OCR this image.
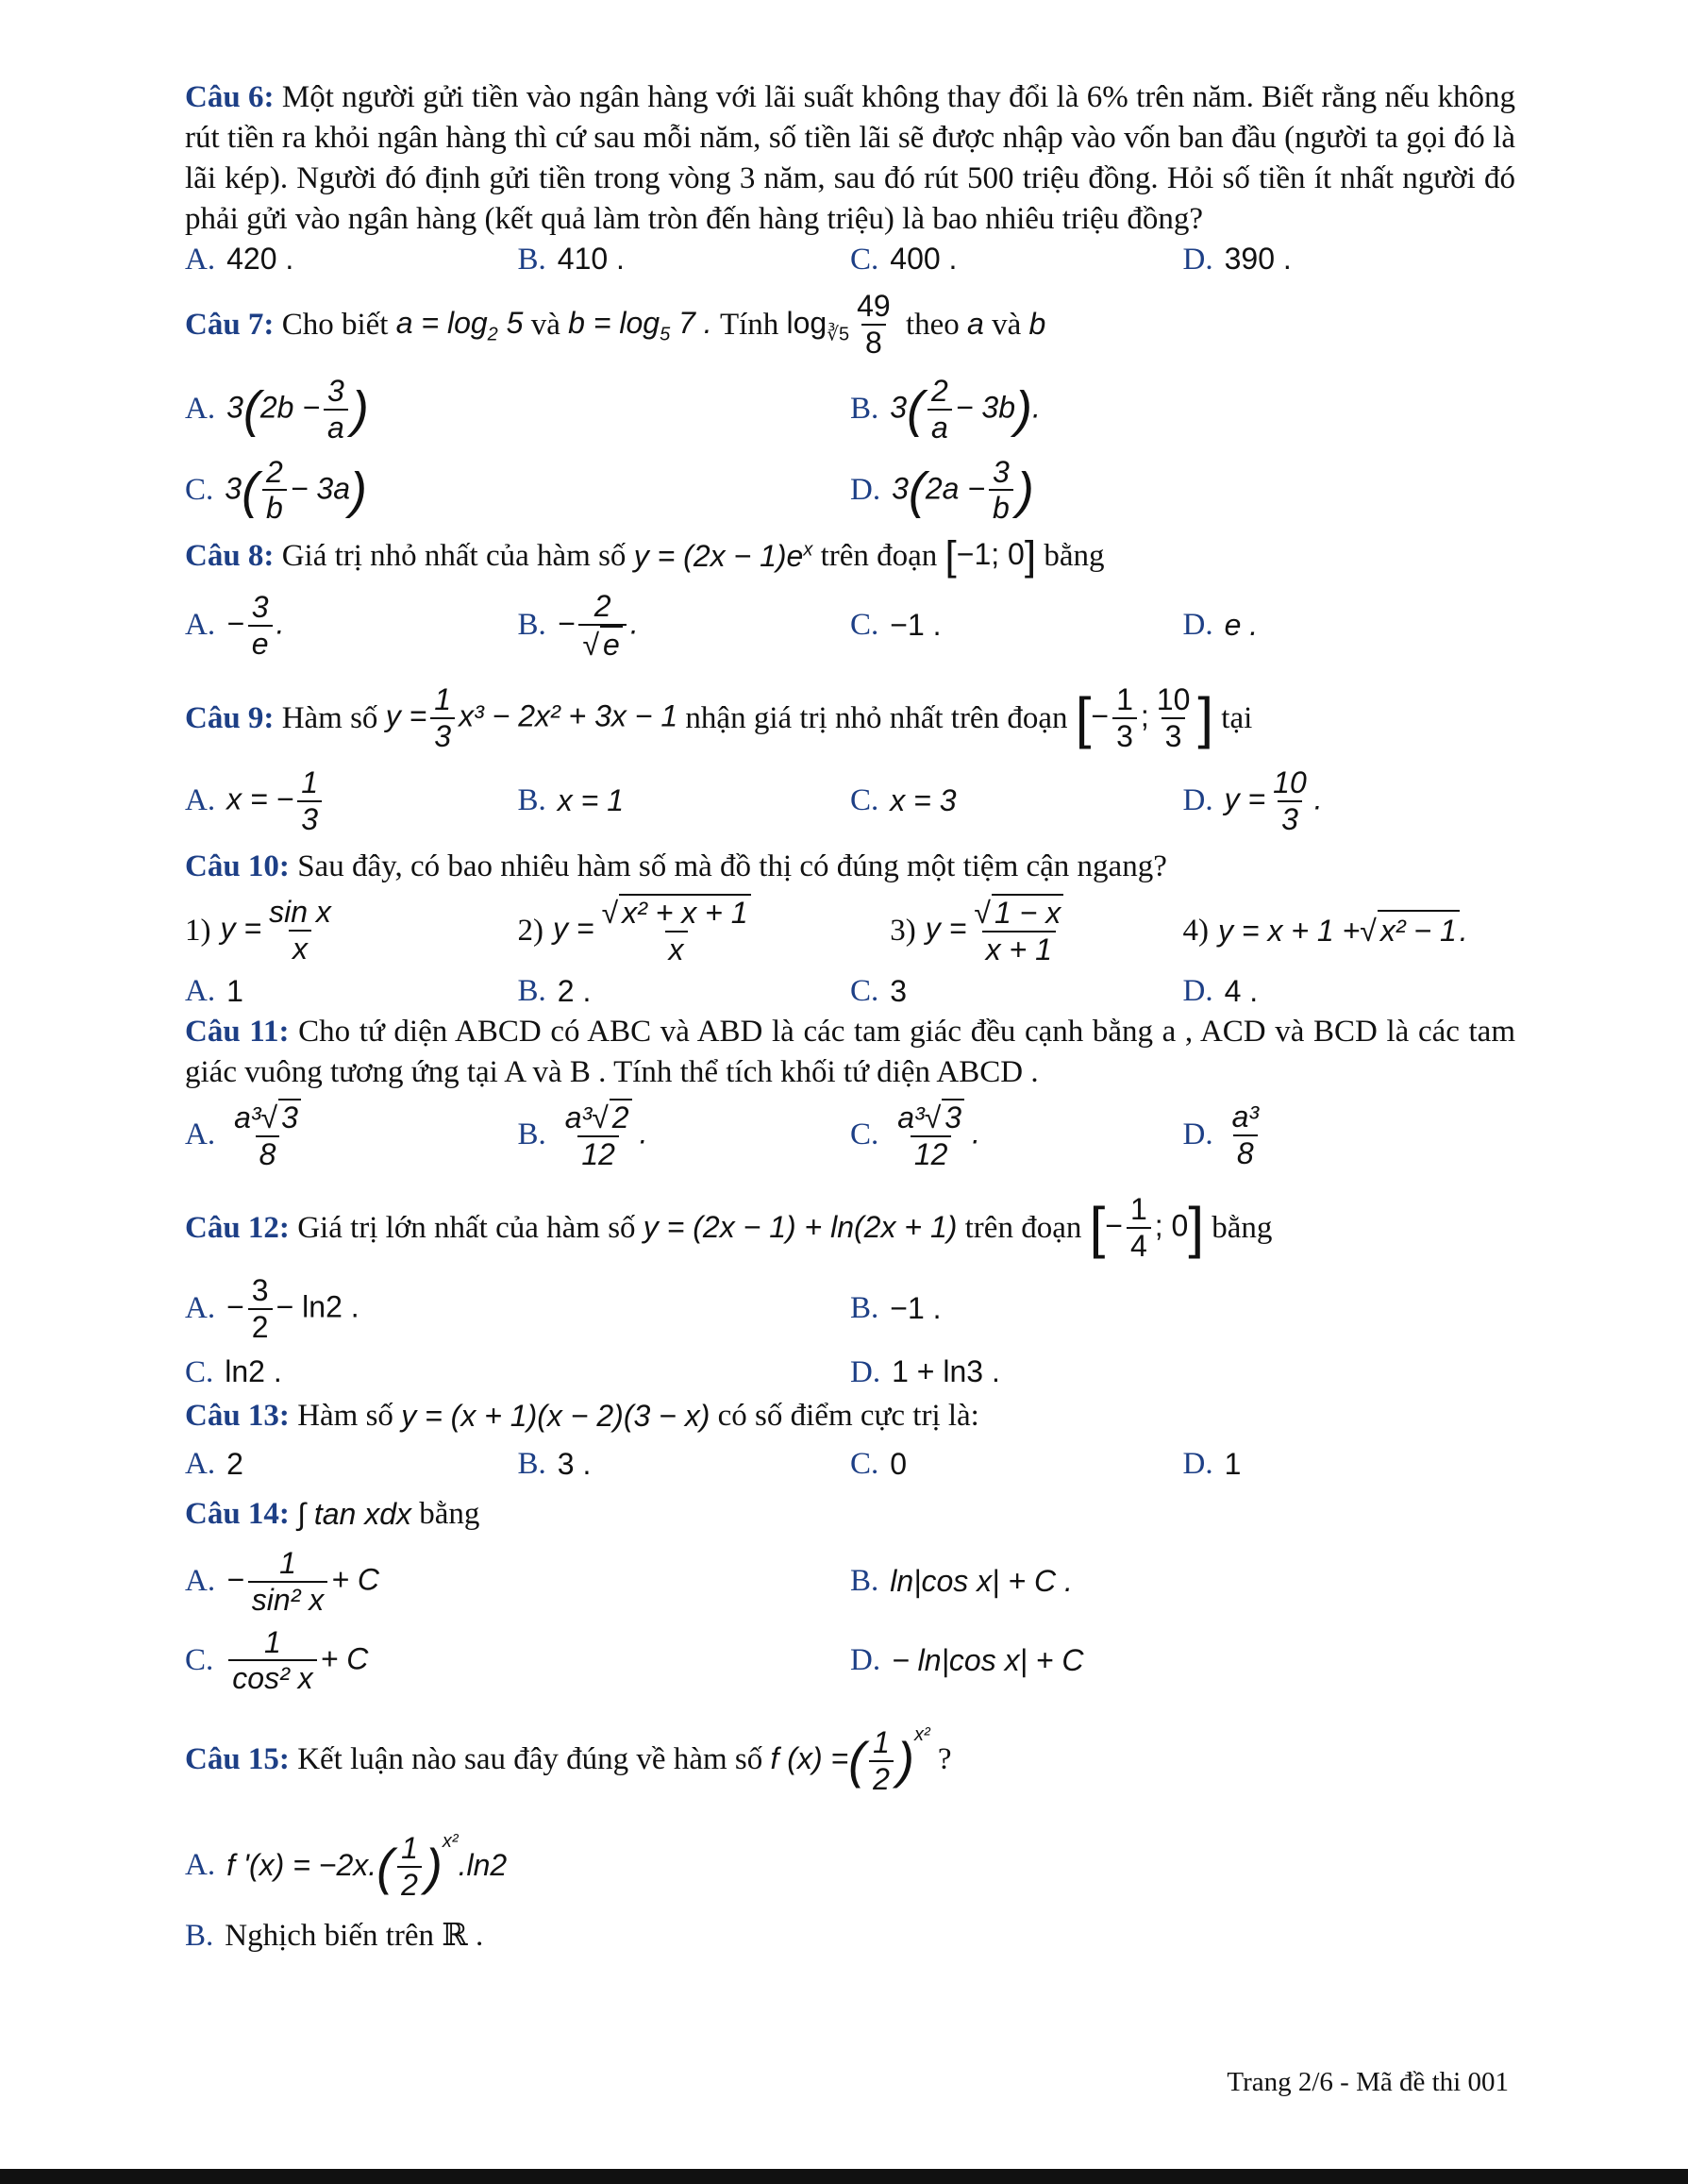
Câu 6: Một người gửi tiền vào ngân hàng với lãi suất không thay đổi là 6% trên năm. Biết rằng nếu không rút tiền ra khỏi ngân hàng thì cứ sau mỗi năm, số tiền lãi sẽ được nhập vào vốn ban đầu (người ta gọi đó là lãi kép). Người đó định gửi tiền trong vòng 3 năm, sau đó rút 500 triệu đồng. Hỏi số tiền ít nhất người đó phải gửi vào ngân hàng (kết quả làm tròn đến hàng triệu) là bao nhiêu triệu đồng?

A. 420 .	B. 410 .	C. 400 .	D. 390 .
Câu 7:
Cho biết
$a = \log_2 5$
và
$b = \log_5 7$ .
Tính
$\log_{∛5} \frac{49}{8}$
theo
a và b
A. $3(2b - \frac{3}{a}$ )	B. $3( \frac{2}{a} - 3b)$.
C. $3( \frac{2}{b} - 3a)$	D. $3(2a - \frac{3}{b}$ )
Câu 8:
Giá trị nhỏ nhất của hàm số
$y = (2x - 1)e^x$
trên đoạn
[−1; 0]
bằng
A. − $\frac{3}{e}$ .	B. − $\frac{2}{√ e}$ .	C. −1 .	D. e .
Câu 9:
Hàm số
$y = \frac{1}{3} x^3 - 2x^2 + 3x - 1$
nhận giá trị nhỏ nhất trên đoạn
[− $\frac{1}{3}$ ; $\frac{10}{3}$ ]
tại
A. x = − $\frac{1}{3}$	B. x = 1	C. x = 3	D. $y = \frac{10}{3}$ .

Câu 10: Sau đây, có bao nhiêu hàm số mà đồ thị có đúng một tiệm cận ngang?

1) $y = \frac{\text{sin x}}{x}$	2) $y = \frac{\text{√ x² + x + 1}}{x}$	3) $y = \frac{√ 1 - x}{x + 1}$	4) y = x + 1 +√ x² − 1.
A. 1	B. 2 .	C. 3	D. 4 .

Câu 11: Cho tứ diện ABCD có ABC và ABD là các tam giác đều cạnh bằng a , ACD và BCD là các tam giác vuông tương ứng tại A và B . Tính thể tích khối tứ diện ABCD .

A. $\frac{\text{a³√ 3}}{8}$	B. $\frac{\text{a³√ 2}}{12}$ .	C. $\frac{\text{a³√ 3}}{12}$ .	D. $\frac{\text{a³}}{8}$
Câu 12:
Giá trị lớn nhất của hàm số
y = (2x − 1) + ln(2x + 1)
trên đoạn
[− $\frac{1}{4}$ ; 0]
bằng
A. − $\frac{3}{2} - \ln 2$ .	B. −1 .
C. ln2 .	D. 1 + ln3 .
Câu 13:
Hàm số
y = (x + 1)(x − 2)(3 − x)
có số điểm cực trị là:
A. 2	B. 3 .	C. 0	D. 1
Câu 14:
∫ tan xdx
bằng
A. − $\frac{1}{\text{sin² x}} + C$	B. ln|cos x| + C .
C. $\frac{1}{\text{cos² x}} + C$	D. − ln|cos x| + C
Câu 15:
Kết luận nào sau đây đúng về hàm số
f (x) =( $\frac{1}{2} )^{x^2}$

?
A. f '$(x) = -2x.( \frac{1}{2} )^{x^2}.\ln 2$
B. Nghịch biến trên ℝ .
Trang 2/6 - Mã đề thi 001
